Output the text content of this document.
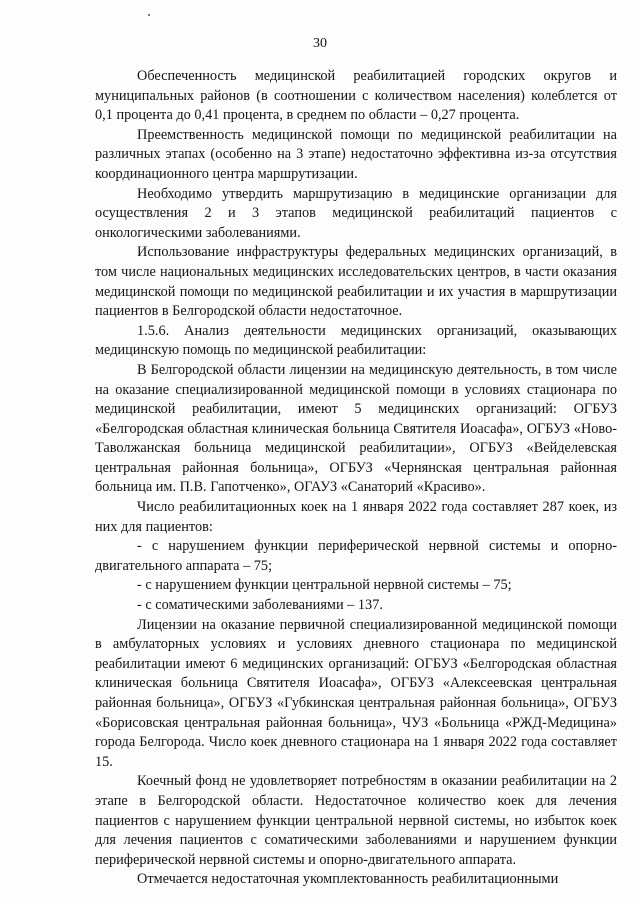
30

Обеспеченность медицинской реабилитацией городских округов и муниципальных районов (в соотношении с количеством населения) колеблется от 0,1 процента до 0,41 процента, в среднем по области – 0,27 процента.

Преемственность медицинской помощи по медицинской реабилитации на различных этапах (особенно на 3 этапе) недостаточно эффективна из-за отсутствия координационного центра маршрутизации.

Необходимо утвердить маршрутизацию в медицинские организации для осуществления 2 и 3 этапов медицинской реабилитаций пациентов с онкологическими заболеваниями.

Использование инфраструктуры федеральных медицинских организаций, в том числе национальных медицинских исследовательских центров, в части оказания медицинской помощи по медицинской реабилитации и их участия в маршрутизации пациентов в Белгородской области недостаточное.

1.5.6. Анализ деятельности медицинских организаций, оказывающих медицинскую помощь по медицинской реабилитации:

В Белгородской области лицензии на медицинскую деятельность, в том числе на оказание специализированной медицинской помощи в условиях стационара по медицинской реабилитации, имеют 5 медицинских организаций: ОГБУЗ «Белгородская областная клиническая больница Святителя Иоасафа», ОГБУЗ «Ново-Таволжанская больница медицинской реабилитации», ОГБУЗ «Вейделевская центральная районная больница», ОГБУЗ «Чернянская центральная районная больница им. П.В. Гапотченко», ОГАУЗ «Санаторий «Красиво».

Число реабилитационных коек на 1 января 2022 года составляет 287 коек, из них для пациентов:

- с нарушением функции периферической нервной системы и опорно-двигательного аппарата – 75;

- с нарушением функции центральной нервной системы – 75;

- с соматическими заболеваниями – 137.

Лицензии на оказание первичной специализированной медицинской помощи в амбулаторных условиях и условиях дневного стационара по медицинской реабилитации имеют 6 медицинских организаций: ОГБУЗ «Белгородская областная клиническая больница Святителя Иоасафа», ОГБУЗ «Алексеевская центральная районная больница», ОГБУЗ «Губкинская центральная районная больница», ОГБУЗ «Борисовская центральная районная больница», ЧУЗ «Больница «РЖД-Медицина» города Белгорода. Число коек дневного стационара на 1 января 2022 года составляет 15.

Коечный фонд не удовлетворяет потребностям в оказании реабилитации на 2 этапе в Белгородской области. Недостаточное количество коек для лечения пациентов с нарушением функции центральной нервной системы, но избыток коек для лечения пациентов с соматическими заболеваниями и нарушением функции периферической нервной системы и опорно-двигательного аппарата.

Отмечается недостаточная укомплектованность реабилитационными
